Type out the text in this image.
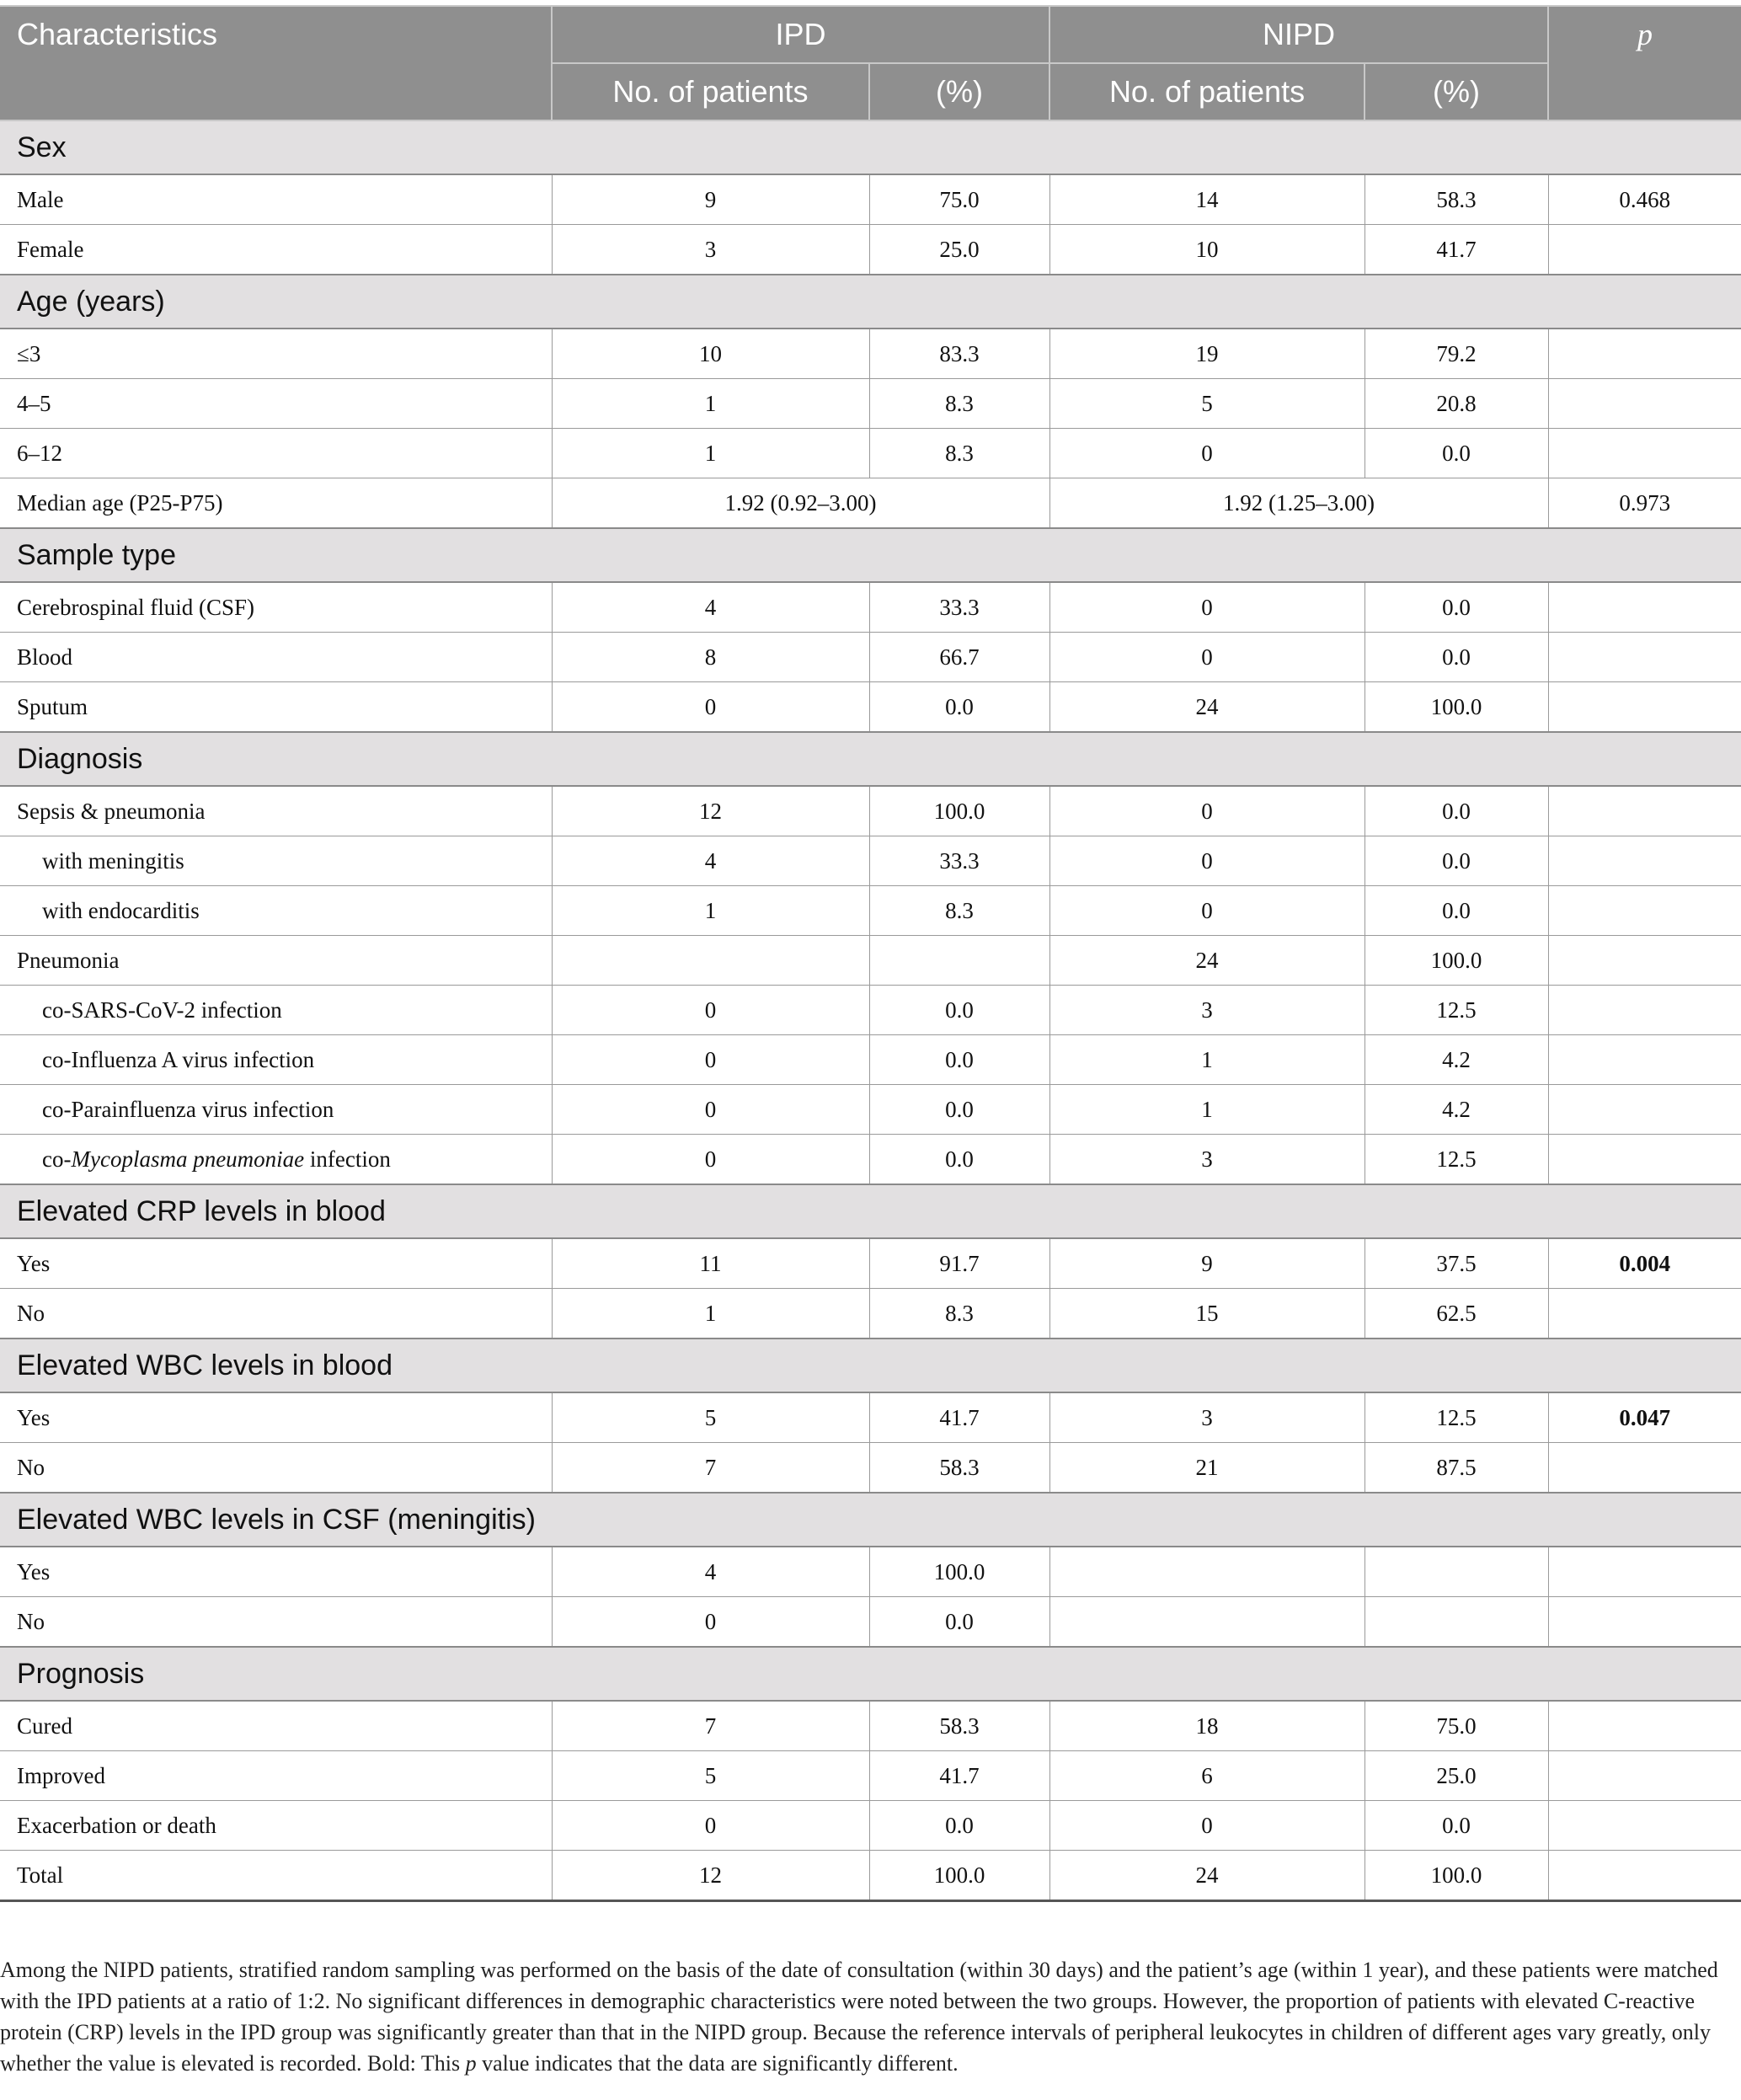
Characteristics	IPD		NIPD		p
	No. of patients	(%)	No. of patients	(%)	
Sex					
Male	9	75.0	14	58.3	0.468
Female	3	25.0	10	41.7	
Age (years)					
≤3	10	83.3	19	79.2	
4–5	1	8.3	5	20.8	
6–12	1	8.3	0	0.0	
Median age (P25-P75)	1.92 (0.92–3.00)		1.92 (1.25–3.00)		0.973
Sample type					
Cerebrospinal fluid (CSF)	4	33.3	0	0.0	
Blood	8	66.7	0	0.0	
Sputum	0	0.0	24	100.0	
Diagnosis					
Sepsis & pneumonia	12	100.0	0	0.0	
with meningitis	4	33.3	0	0.0	
with endocarditis	1	8.3	0	0.0	
Pneumonia			24	100.0	
co-SARS-CoV-2 infection	0	0.0	3	12.5	
co-Influenza A virus infection	0	0.0	1	4.2	
co-Parainfluenza virus infection	0	0.0	1	4.2	
co-Mycoplasma pneumoniae infection	0	0.0	3	12.5	
Elevated CRP levels in blood					
Yes	11	91.7	9	37.5	0.004
No	1	8.3	15	62.5	
Elevated WBC levels in blood					
Yes	5	41.7	3	12.5	0.047
No	7	58.3	21	87.5	
Elevated WBC levels in CSF (meningitis)					
Yes	4	100.0			
No	0	0.0			
Prognosis					
Cured	7	58.3	18	75.0	
Improved	5	41.7	6	25.0	
Exacerbation or death	0	0.0	0	0.0	
Total	12	100.0	24	100.0	
Among the NIPD patients, stratified random sampling was performed on the basis of the date of consultation (within 30 days) and the patient’s age (within 1 year), and these patients were matched with the IPD patients at a ratio of 1:2. No significant differences in demographic characteristics were noted between the two groups. However, the proportion of patients with elevated C-reactive protein (CRP) levels in the IPD group was significantly greater than that in the NIPD group. Because the reference intervals of peripheral leukocytes in children of different ages vary greatly, only whether the value is elevated is recorded. Bold: This p value indicates that the data are significantly different.
